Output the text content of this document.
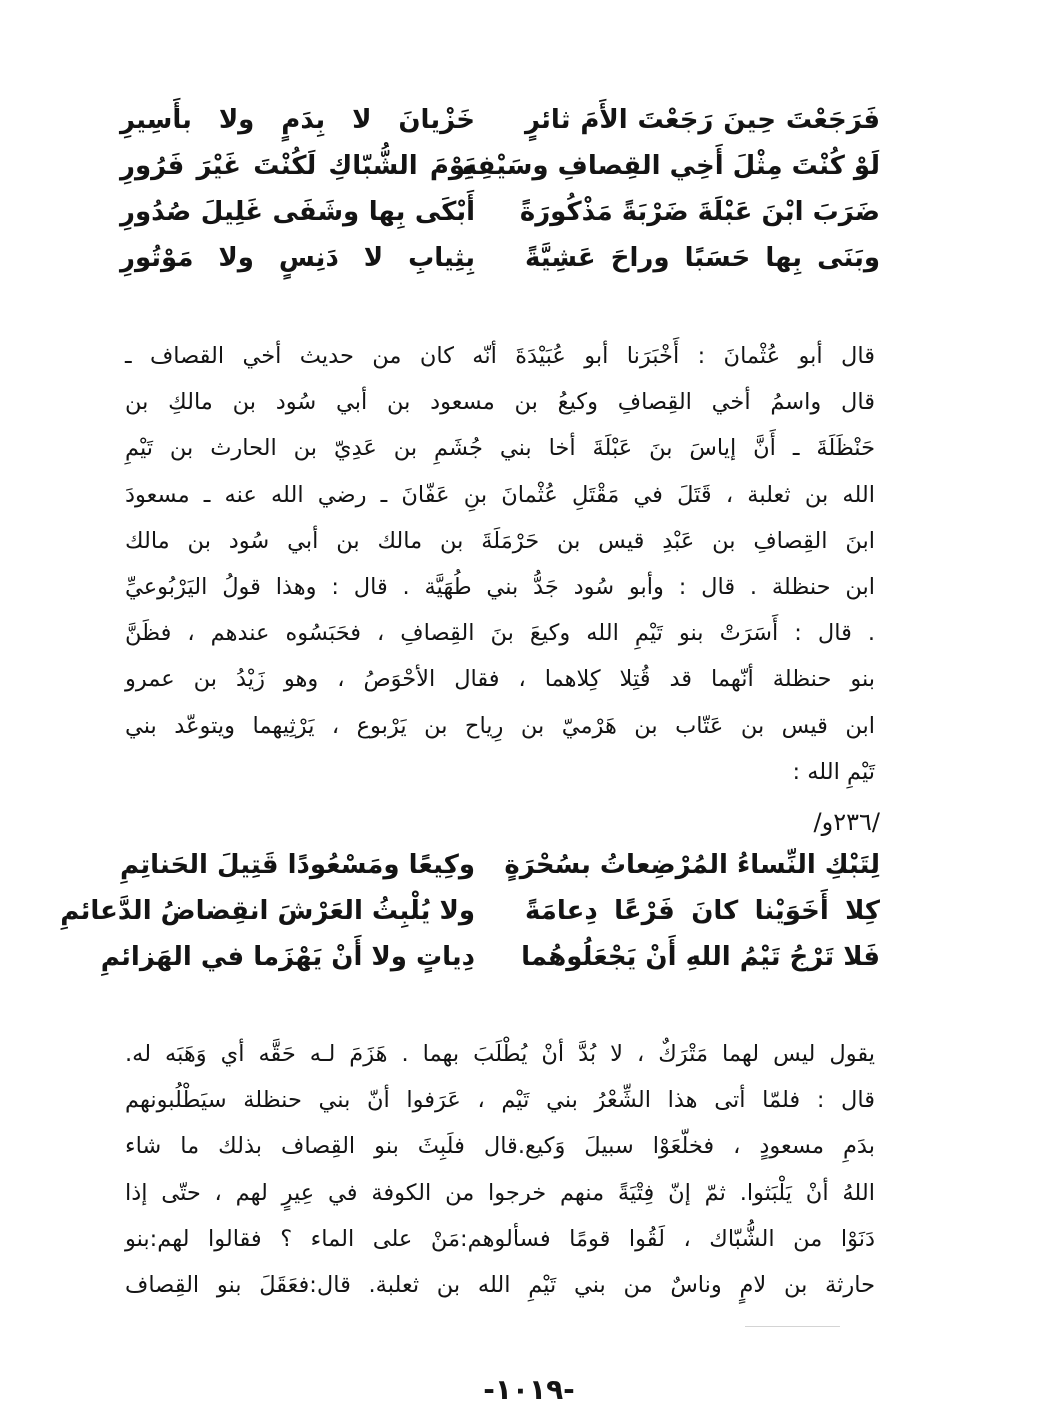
فَرَجَعْتَ حِينَ رَجَعْتَ الأَمَ ثائرٍ
خَزْيانَ لا بِدَمٍ ولا بأَسِيرِ
لَوْ كُنْتَ مِثْلَ أَخِي القِصافِ وسَيْفِهِ
يَوْمَ الشُّبّاكِ لَكُنْتَ غَيْرَ فَرُورِ
ضَرَبَ ابْنَ عَبْلَةَ ضَرْبَةً مَذْكُورَةً
أَبْكَى بِها وشَفَى غَلِيلَ صُدُورِ
وبَنَى بِها حَسَبًا وراحَ عَشِيَّةً
بِثِيابِ لا دَنِسٍ ولا مَوْتُورِ
قال أبو عُثْمانَ : أَخْبَرَنا أبو عُبَيْدَةَ أنّه كان من حديث أخي القصاف ـ
قال واسمُ أخي القِصافِ وكيعُ بن مسعود بن أبي سُود بن مالكِ بن
حَنْظَلَةَ ـ أَنَّ إياسَ بنَ عَبْلَةَ أخا بني جُشَمِ بن عَدِيّ بن الحارث بن تَيْمِ
الله بن ثعلبة ، قَتَلَ في مَقْتَلِ عُثْمانَ بنِ عَفّانَ ـ رضي الله عنه ـ مسعودَ
ابنَ القِصافِ بن عَبْدِ قيس بن حَرْمَلَةَ بن مالك بن أبي سُود بن مالك
ابن حنظلة . قال : وأبو سُود جَدُّ بني طُهَيَّة . قال : وهذا قولُ اليَرْبُوعيِّ
. قال : أَسَرَتْ بنو تَيْمِ الله وكيعَ بنَ القِصافِ ، فحَبَسُوه عندهم ، فظَنَّ
بنو حنظلة أنّهما قد قُتِلا كِلاهما ، فقال الأحْوَصُ ، وهو زَيْدُ بن عمرو
ابن قيس بن عَتّاب بن هَرْميّ بن رِياح بن يَرْبوع ، يَرْثِيهما ويتوعّد بني
تَيْمِ الله :
/٢٣٦و/
لِتَبْكِ النِّساءُ المُرْضِعاتُ بسُحْرَةٍ
وكِيعًا ومَسْعُودًا قَتِيلَ الحَناتِمِ
كِلا أَخَوَيْنا كانَ فَرْعًا دِعامَةً
ولا يُلْبِثُ العَرْشَ انقِضاضُ الدَّعائمِ
فَلا تَرْجُ تَيْمُ اللهِ أَنْ يَجْعَلُوهُما
دِياتٍ ولا أَنْ يَهْزَما في الهَزائمِ
يقول ليس لهما مَتْرَكٌ ، لا بُدَّ أنْ يُطْلَبَ بهما . هَزَمَ لـه حَقَّه أي وَهَبَه له.
قال : فلمّا أتى هذا الشِّعْرُ بني تَيْم ، عَرَفوا أنّ بني حنظلة سيَطْلُبونهم
بدَمِ مسعودٍ ، فخلّعَوْا سبيلَ وَكيع.قال فلَبِثَ بنو القِصاف بذلك ما شاء
اللهُ أنْ يَلْبَثوا. ثمّ إنّ فِتْيَةً منهم خرجوا من الكوفة في عِيرٍ لهم ، حتّى إذا
دَنَوْا من الشُّبّاك ، لَقُوا قومًا فسألوهم:مَنْ على الماء ؟ فقالوا لهم:بنو
حارثة بن لامٍ وناسٌ من بني تَيْمِ الله بن ثعلبة. قال:فعَقَلَ بنو القِصاف
-١٠١٩-
